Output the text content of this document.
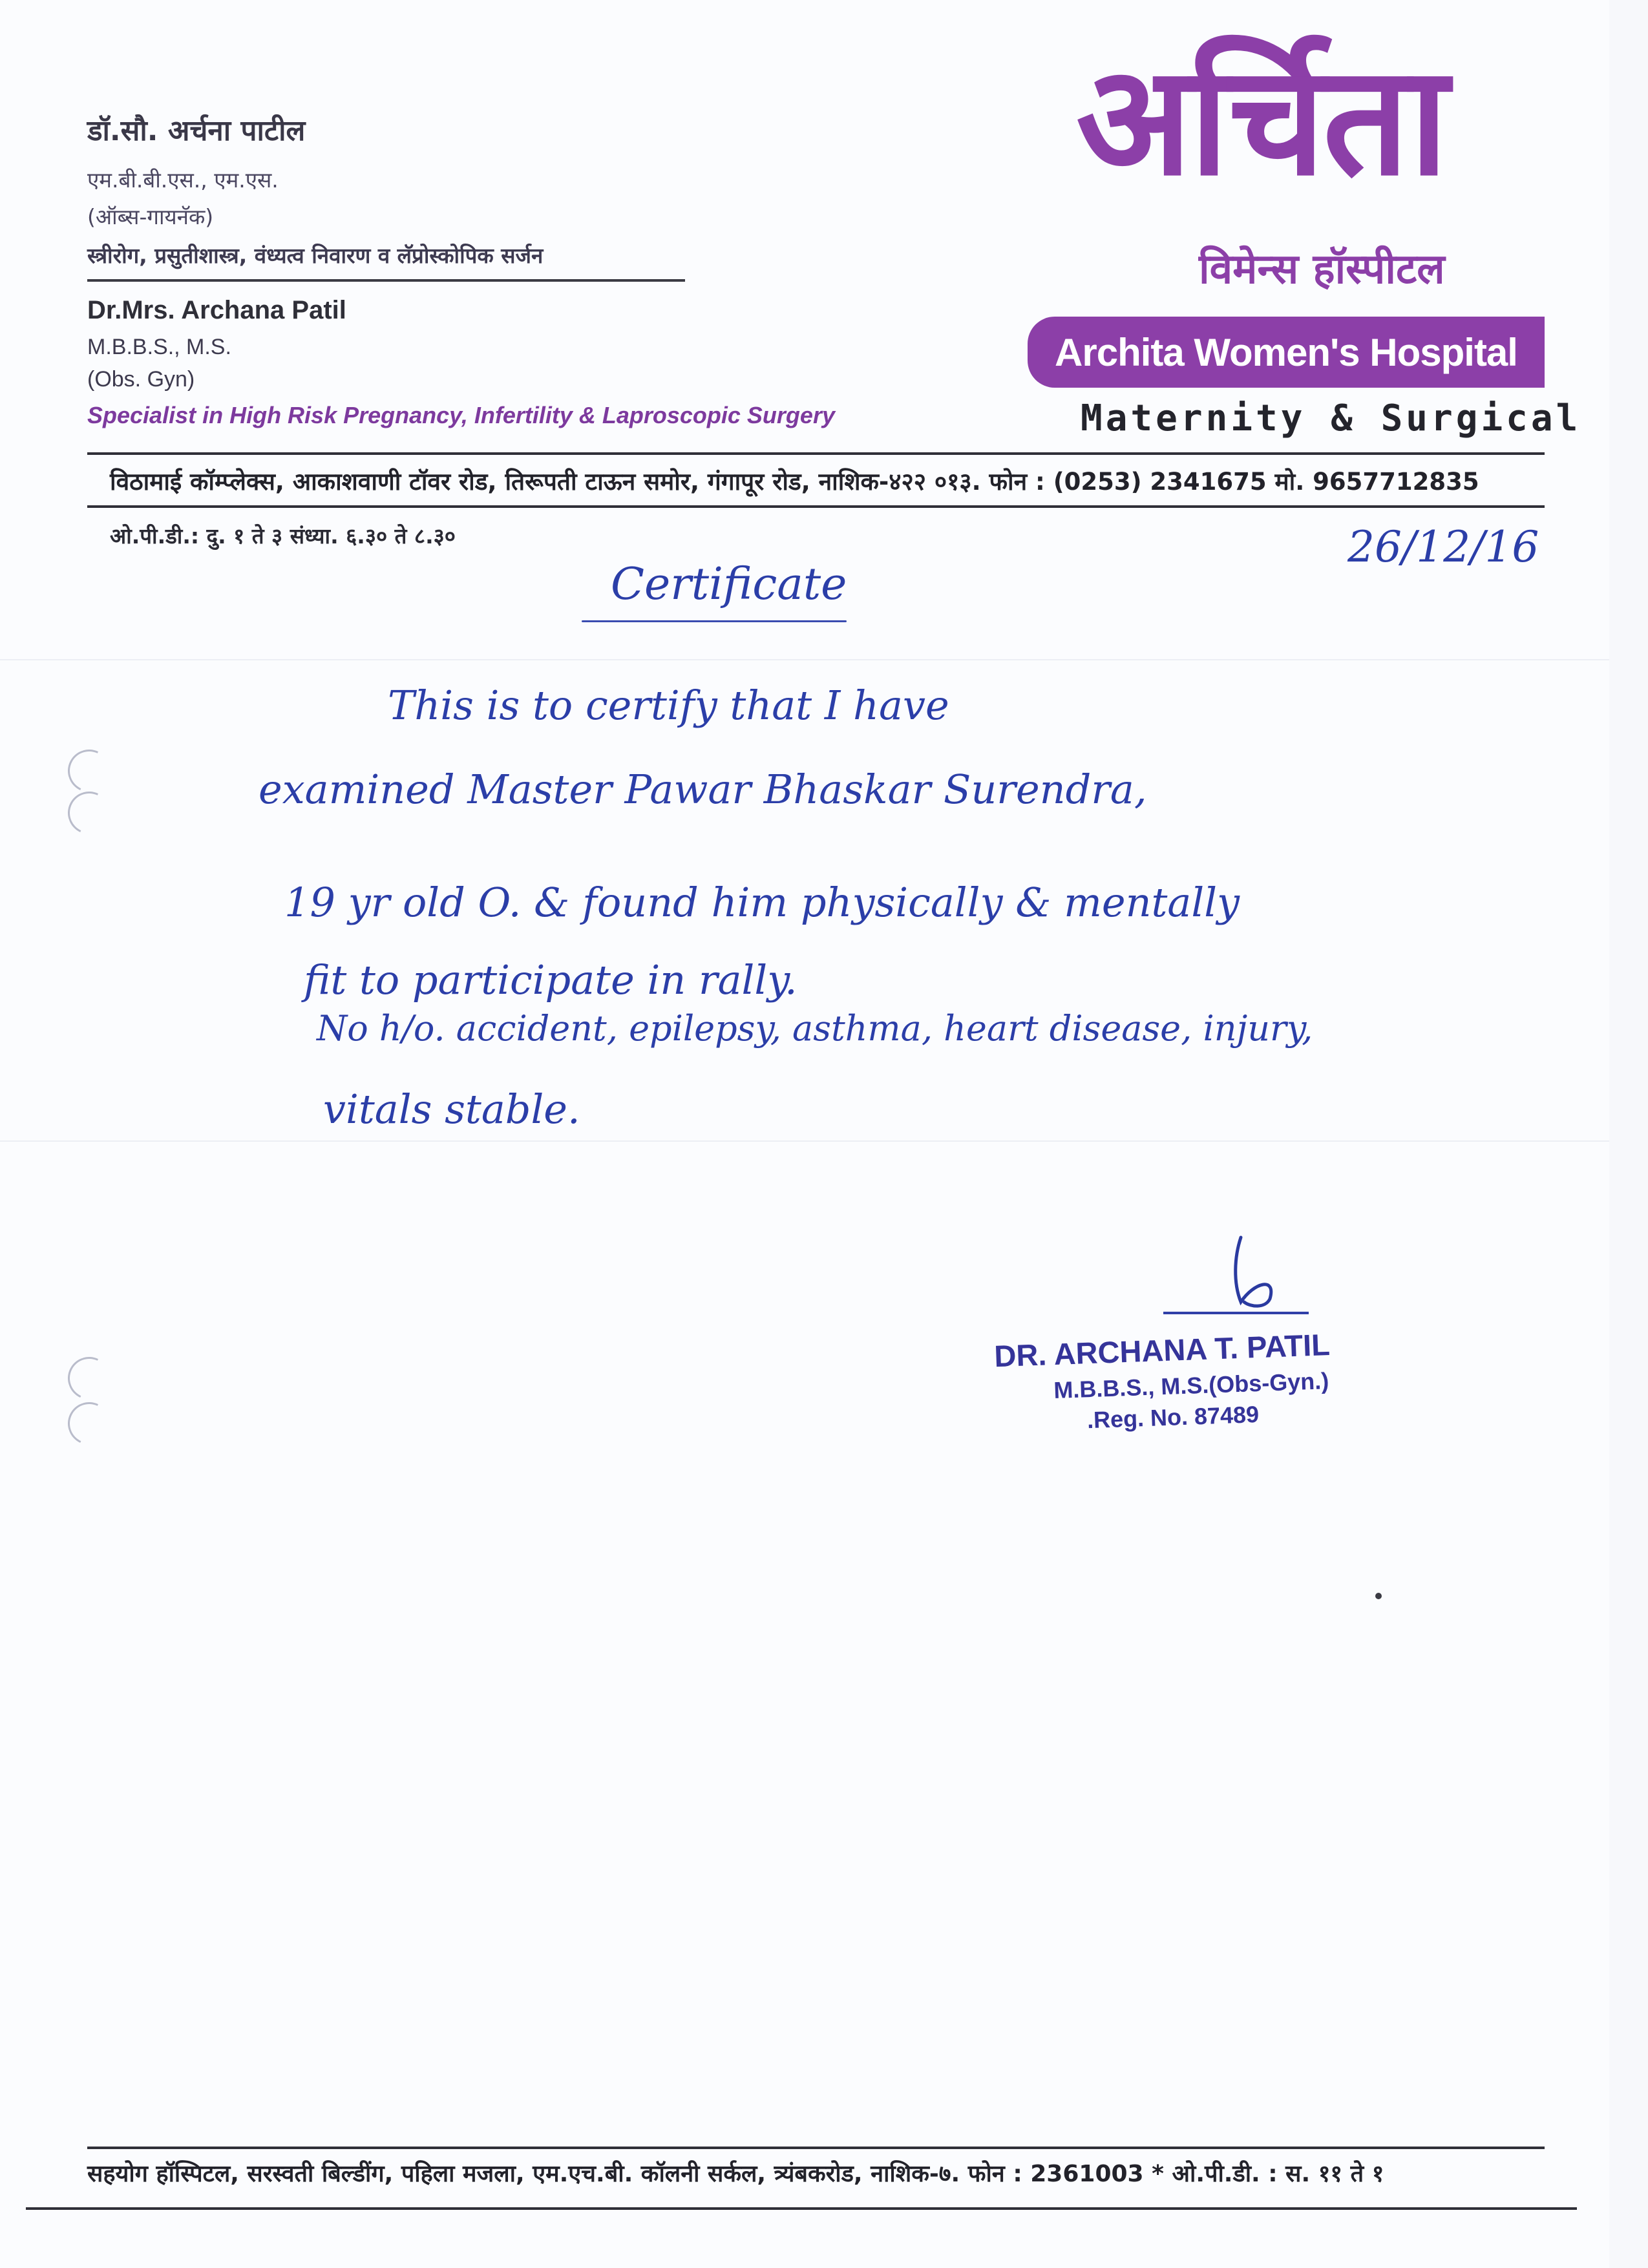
डॉ.सौ. अर्चना पाटील
एम.बी.बी.एस., एम.एस.
(ऑब्स-गायनॅक)
स्त्रीरोग, प्रसुतीशास्त्र, वंध्यत्व निवारण व लॅप्रोस्कोपिक सर्जन
Dr.Mrs. Archana Patil
M.B.B.S., M.S.
(Obs. Gyn)
Specialist in High Risk Pregnancy, Infertility & Laproscopic Surgery
अर्चिता
विमेन्स हॉस्पीटल
Archita Women's Hospital
Maternity & Surgical
विठामाई कॉम्प्लेक्स, आकाशवाणी टॉवर रोड, तिरूपती टाऊन समोर, गंगापूर रोड, नाशिक-४२२ ०१३. फोन : (0253) 2341675 मो. 9657712835
ओ.पी.डी.: दु. १ ते ३ संध्या. ६.३० ते ८.३०	26/12/16
Certificate
This is to certify that I have
examined Master Pawar Bhaskar Surendra,
19 yr old O. & found him physically & mentally
fit to participate in rally.
No h/o. accident, epilepsy, asthma, heart disease, injury,
vitals stable.
DR. ARCHANA T. PATIL
M.B.B.S., M.S.(Obs-Gyn.)
.Reg. No. 87489
सहयोग हॉस्पिटल, सरस्वती बिल्डींग, पहिला मजला, एम.एच.बी. कॉलनी सर्कल, त्र्यंबकरोड, नाशिक-७. फोन : 2361003 * ओ.पी.डी. : स. ११ ते १
